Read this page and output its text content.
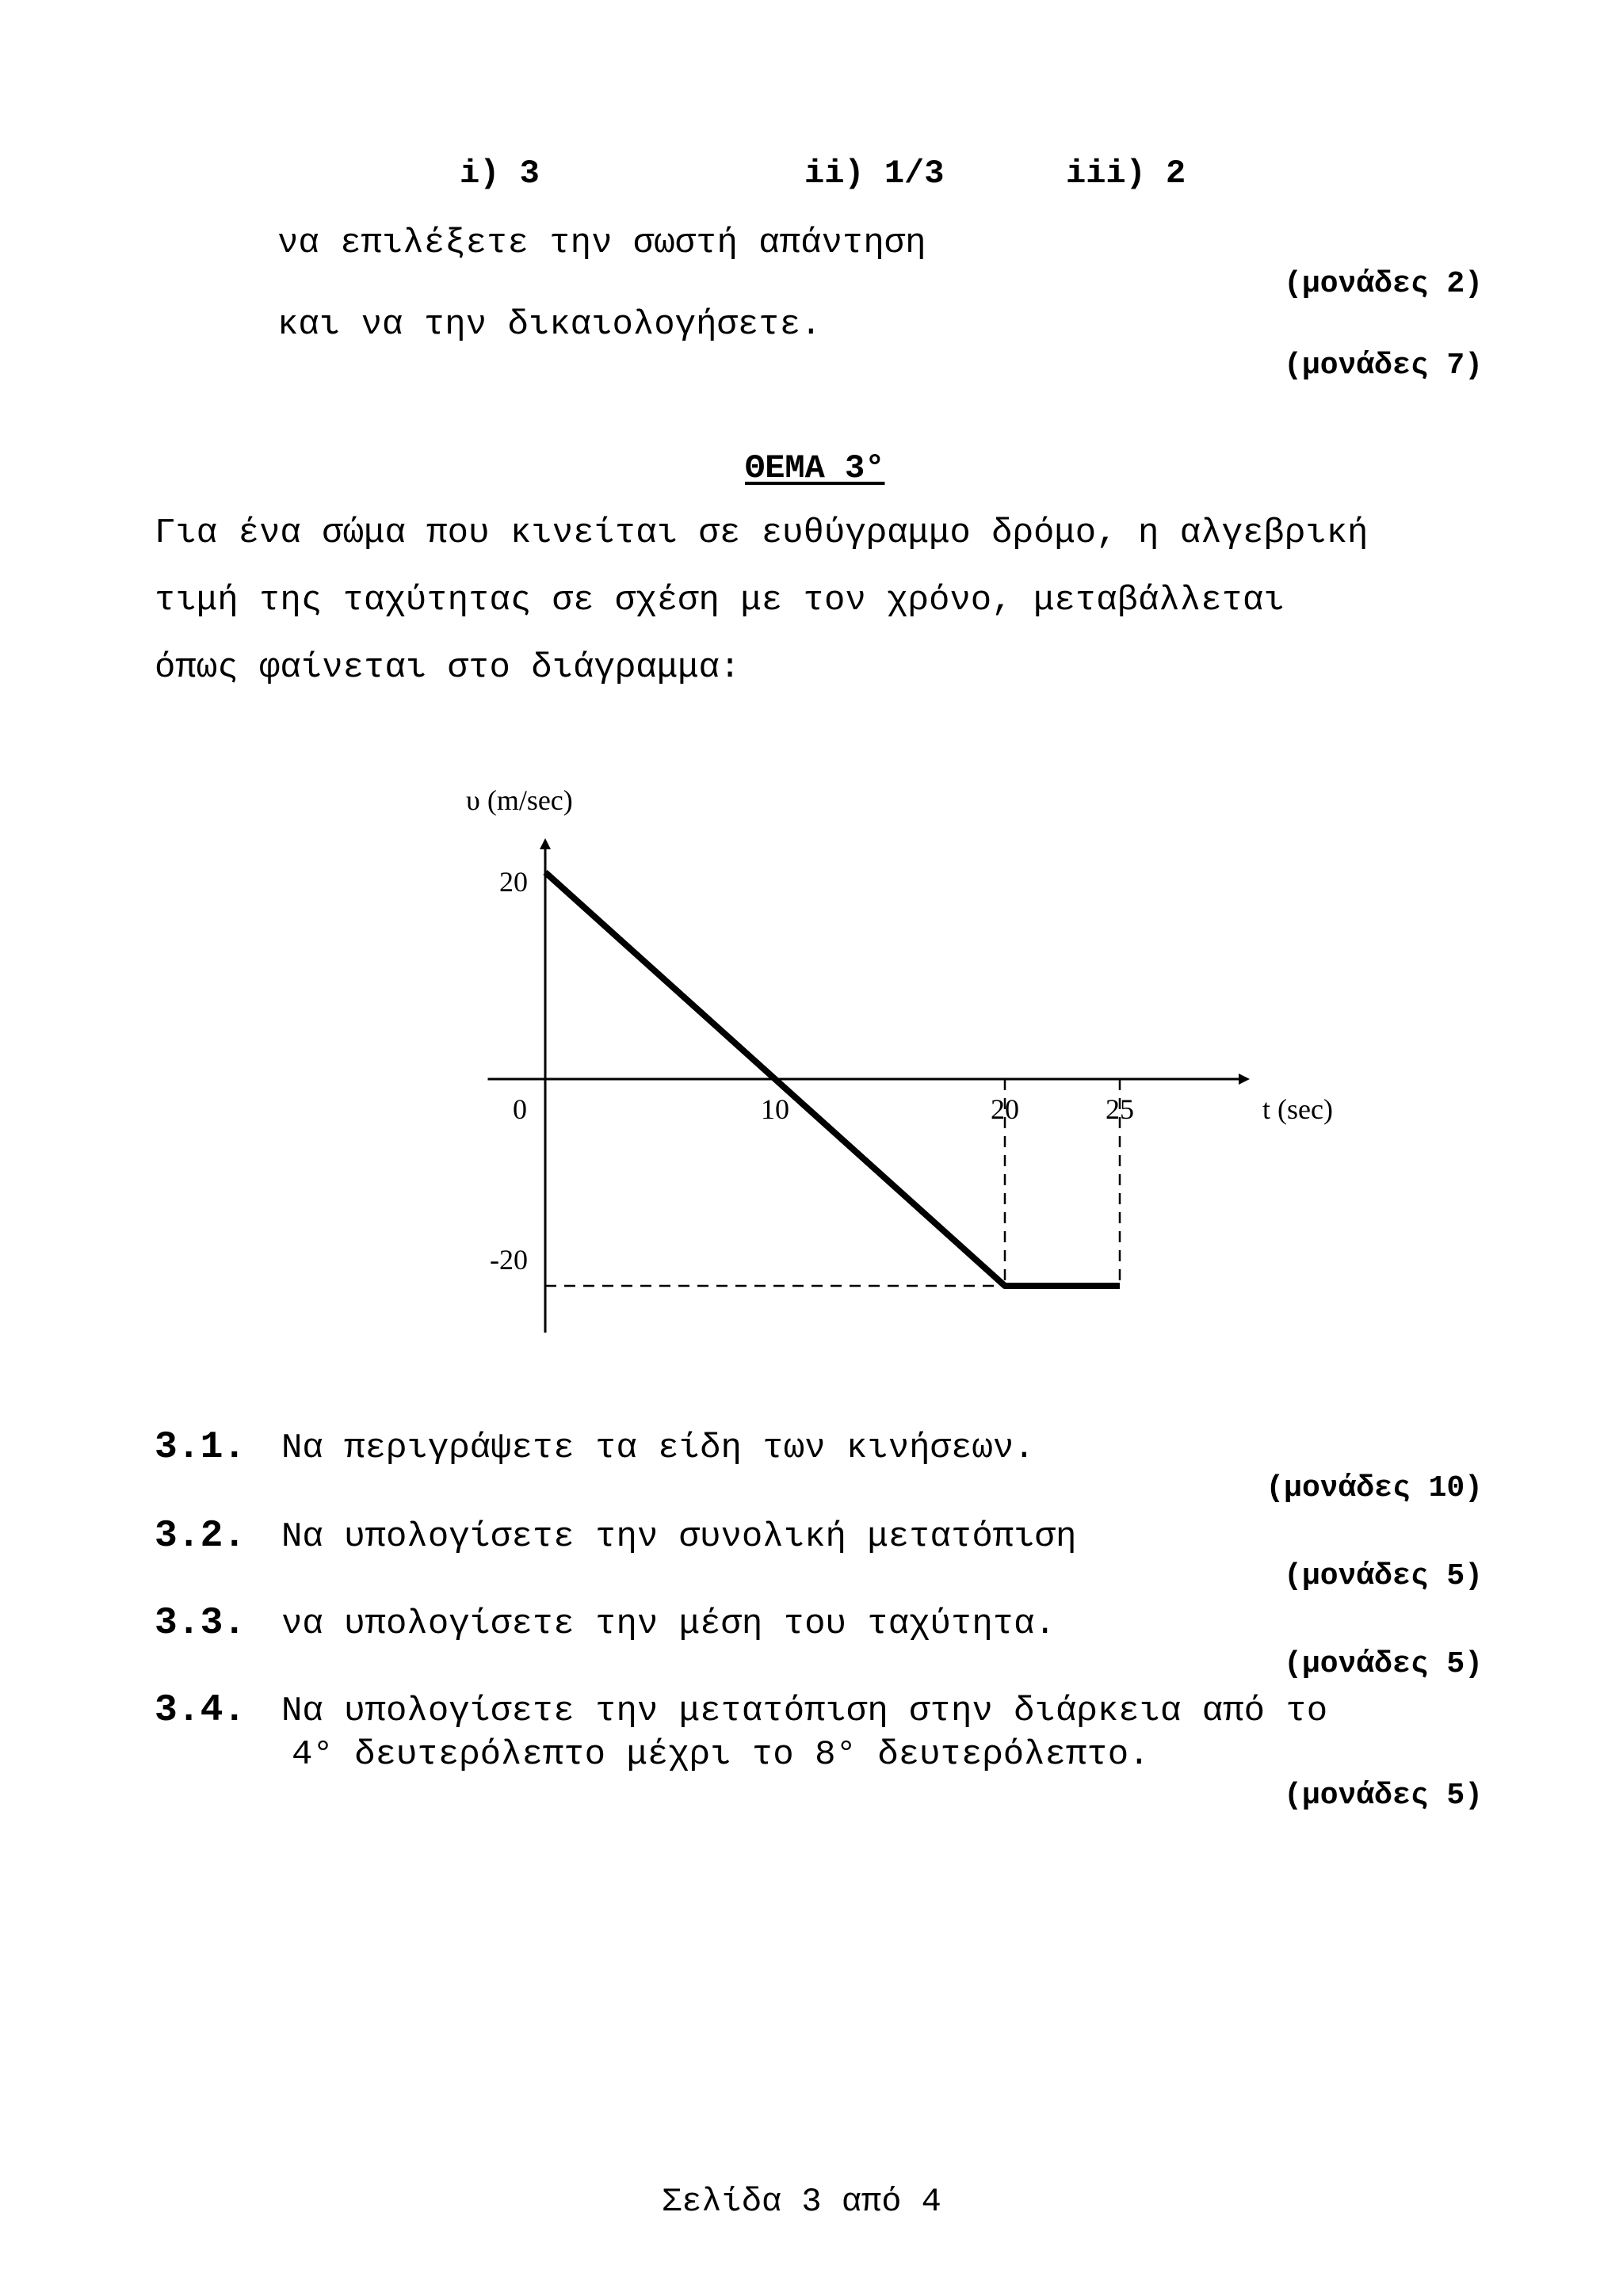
i) 3	ii) 1/3	iii) 2
να επιλέξετε την σωστή απάντηση
(μονάδες 2)
και να την δικαιολογήσετε.
(μονάδες 7)
ΘΕΜΑ 3°
Για ένα σώμα που κινείται σε ευθύγραμμο δρόμο, η αλγεβρική
τιμή της ταχύτητας σε σχέση με τον χρόνο, μεταβάλλεται
όπως φαίνεται στο διάγραμμα:
0	10	20	25
20
-20
υ (m/sec)
t (sec)
3.1. Να περιγράψετε τα είδη των κινήσεων.
(μονάδες 10)
3.2. Να υπολογίσετε την συνολική μετατόπιση
(μονάδες 5)
3.3. να υπολογίσετε την μέση του ταχύτητα.
(μονάδες 5)
3.4. Να υπολογίσετε την μετατόπιση στην διάρκεια από το
4° δευτερόλεπτο μέχρι το 8° δευτερόλεπτο.
(μονάδες 5)
Σελίδα 3 από 4
